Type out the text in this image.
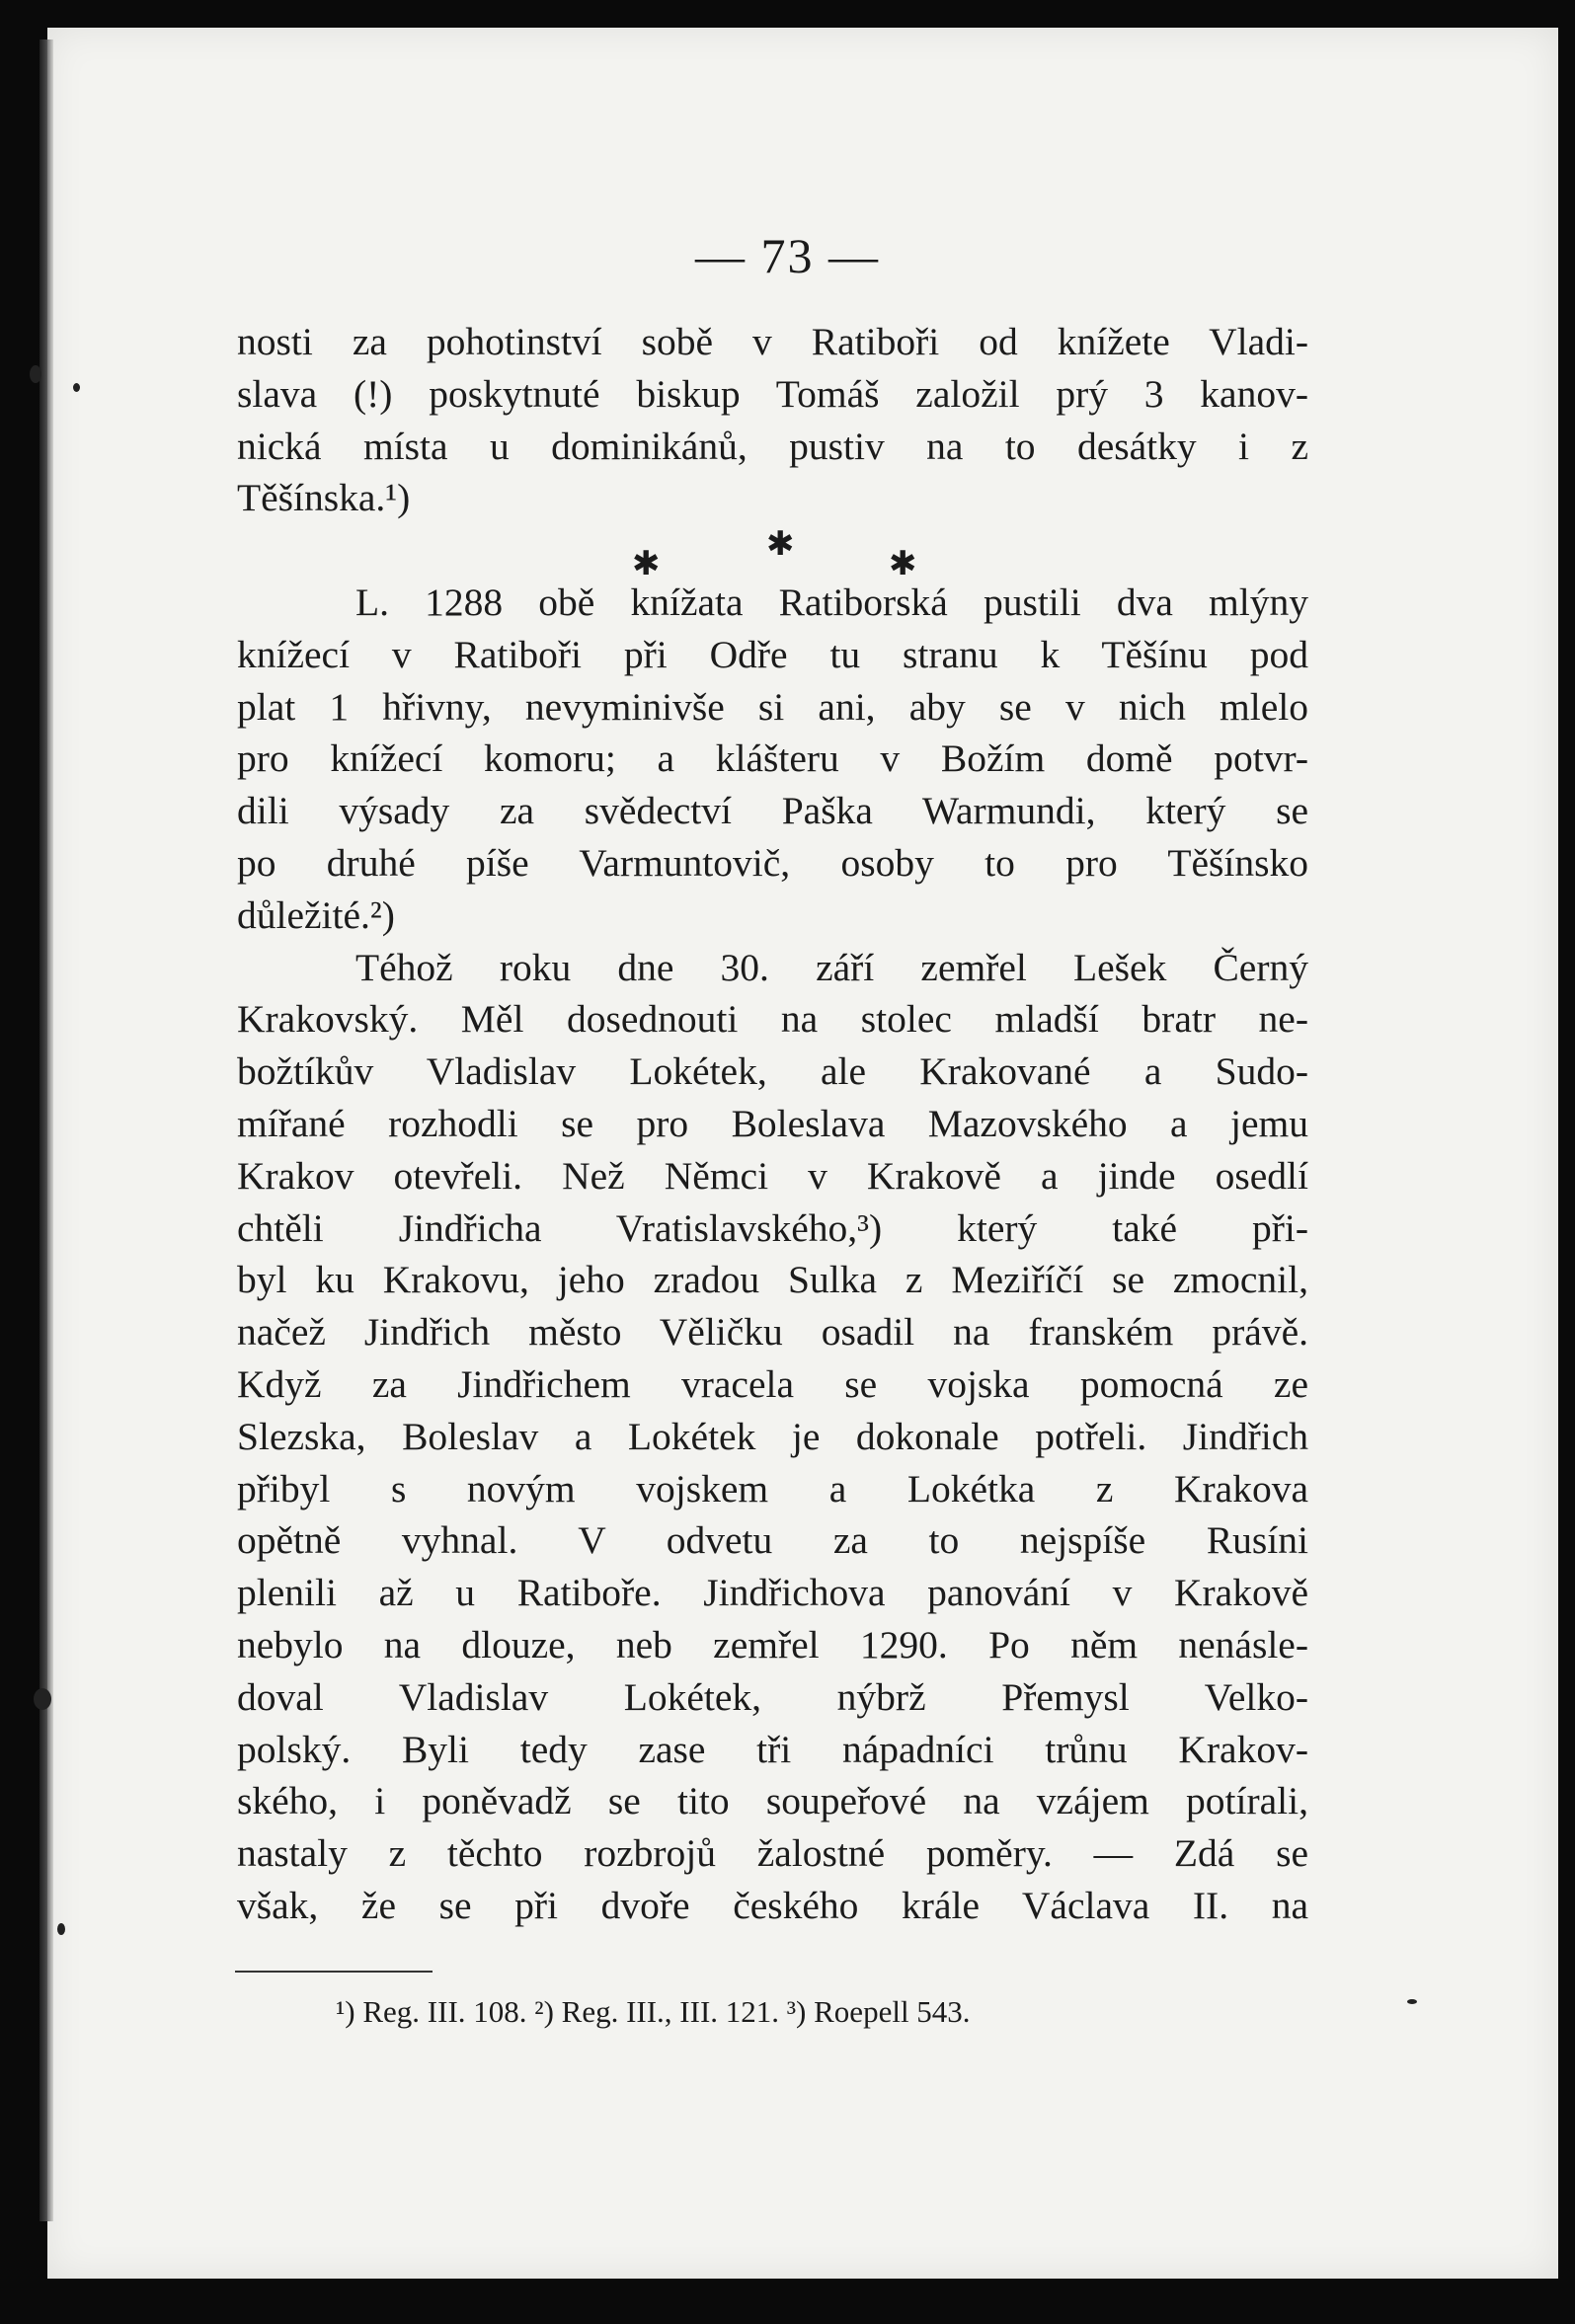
— 73 —
nosti za pohotinství sobě v Ratiboři od knížete Vladi-
slava (!) poskytnuté biskup Tomáš založil prý 3 kanov-
nická místa u dominikánů, pustiv na to desátky i z
Těšínska.¹)
✱	✱	✱
L. 1288 obě knížata Ratiborská pustili dva mlýny
knížecí v Ratiboři při Odře tu stranu k Těšínu pod
plat 1 hřivny, nevyminivše si ani, aby se v nich mlelo
pro knížecí komoru; a klášteru v Božím domě potvr-
dili výsady za svědectví Paška Warmundi, který se
po druhé píše Varmuntovič, osoby to pro Těšínsko
důležité.²)
Téhož roku dne 30. září zemřel Lešek Černý
Krakovský. Měl dosednouti na stolec mladší bratr ne-
božtíkův Vladislav Lokétek, ale Krakované a Sudo-
mířané rozhodli se pro Boleslava Mazovského a jemu
Krakov otevřeli. Než Němci v Krakově a jinde osedlí
chtěli Jindřicha Vratislavského,³) který také při-
byl ku Krakovu, jeho zradou Sulka z Meziříčí se zmocnil,
načež Jindřich město Věličku osadil na franském právě.
Když za Jindřichem vracela se vojska pomocná ze
Slezska, Boleslav a Lokétek je dokonale potřeli. Jindřich
přibyl s novým vojskem a Lokétka z Krakova
opětně vyhnal. V odvetu za to nejspíše Rusíni
plenili až u Ratiboře. Jindřichova panování v Krakově
nebylo na dlouze, neb zemřel 1290. Po něm nenásle-
doval Vladislav Lokétek, nýbrž Přemysl Velko-
polský. Byli tedy zase tři nápadníci trůnu Krakov-
ského, i poněvadž se tito soupeřové na vzájem potírali,
nastaly z těchto rozbrojů žalostné poměry. — Zdá se
však, že se při dvoře českého krále Václava II. na
¹) Reg. III. 108. ²) Reg. III., III. 121. ³) Roepell 543.
